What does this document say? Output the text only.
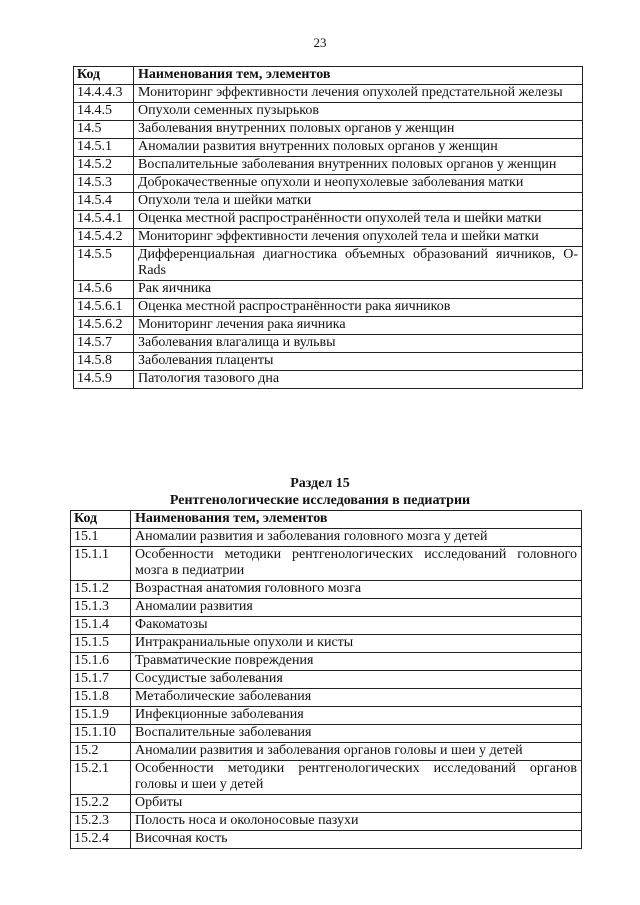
23
Код	Наименования тем, элементов
14.4.4.3	Мониторинг эффективности лечения опухолей предстательной железы
14.4.5	Опухоли семенных пузырьков
14.5	Заболевания внутренних половых органов у женщин
14.5.1	Аномалии развития внутренних половых органов у женщин
14.5.2	Воспалительные заболевания внутренних половых органов у женщин
14.5.3	Доброкачественные опухоли и неопухолевые заболевания матки
14.5.4	Опухоли тела и шейки матки
14.5.4.1	Оценка местной распространённости опухолей тела и шейки матки
14.5.4.2	Мониторинг эффективности лечения опухолей тела и шейки матки
14.5.5	Дифференциальная диагностика объемных образований яичников, O-Rads
14.5.6	Рак яичника
14.5.6.1	Оценка местной распространённости рака яичников
14.5.6.2	Мониторинг лечения рака яичника
14.5.7	Заболевания влагалища и вульвы
14.5.8	Заболевания плаценты
14.5.9	Патология тазового дна
Раздел 15
Рентгенологические исследования в педиатрии
Код	Наименования тем, элементов
15.1	Аномалии развития и заболевания головного мозга у детей
15.1.1	Особенности методики рентгенологических исследований головного мозга в педиатрии
15.1.2	Возрастная анатомия головного мозга
15.1.3	Аномалии развития
15.1.4	Факоматозы
15.1.5	Интракраниальные опухоли и кисты
15.1.6	Травматические повреждения
15.1.7	Сосудистые заболевания
15.1.8	Метаболические заболевания
15.1.9	Инфекционные заболевания
15.1.10	Воспалительные заболевания
15.2	Аномалии развития и заболевания органов головы и шеи у детей
15.2.1	Особенности методики рентгенологических исследований органов головы и шеи у детей
15.2.2	Орбиты
15.2.3	Полость носа и околоносовые пазухи
15.2.4	Височная кость
